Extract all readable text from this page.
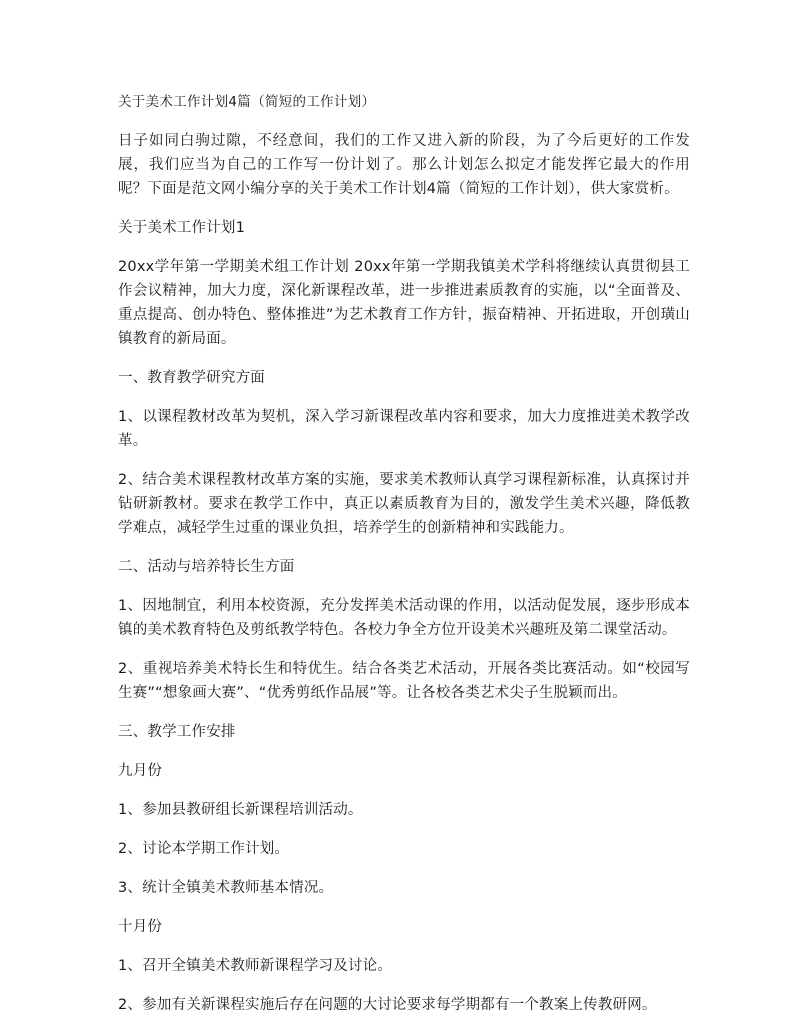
关于美术工作计划4篇（简短的工作计划）

日子如同白驹过隙，不经意间，我们的工作又进入新的阶段，为了今后更好的工作发展，我们应当为自己的工作写一份计划了。那么计划怎么拟定才能发挥它最大的作用呢？下面是范文网小编分享的关于美术工作计划4篇（简短的工作计划），供大家赏析。

关于美术工作计划1

20xx学年第一学期美术组工作计划 20xx年第一学期我镇美术学科将继续认真贯彻县工作会议精神，加大力度，深化新课程改革，进一步推进素质教育的实施，以“全面普及、重点提高、创办特色、整体推进”为艺术教育工作方针，振奋精神、开拓进取，开创璜山镇教育的新局面。

一、教育教学研究方面

1、以课程教材改革为契机，深入学习新课程改革内容和要求，加大力度推进美术教学改革。

2、结合美术课程教材改革方案的实施，要求美术教师认真学习课程新标准，认真探讨并钻研新教材。要求在教学工作中，真正以素质教育为目的，激发学生美术兴趣，降低教学难点，减轻学生过重的课业负担，培养学生的创新精神和实践能力。

二、活动与培养特长生方面

1、因地制宜，利用本校资源，充分发挥美术活动课的作用，以活动促发展，逐步形成本镇的美术教育特色及剪纸教学特色。各校力争全方位开设美术兴趣班及第二课堂活动。

2、重视培养美术特长生和特优生。结合各类艺术活动，开展各类比赛活动。如“校园写生赛”“想象画大赛”、“优秀剪纸作品展”等。让各校各类艺术尖子生脱颖而出。

三、教学工作安排

九月份

1、参加县教研组长新课程培训活动。

2、讨论本学期工作计划。

3、统计全镇美术教师基本情况。

十月份

1、召开全镇美术教师新课程学习及讨论。

2、参加有关新课程实施后存在问题的大讨论要求每学期都有一个教案上传教研网。
